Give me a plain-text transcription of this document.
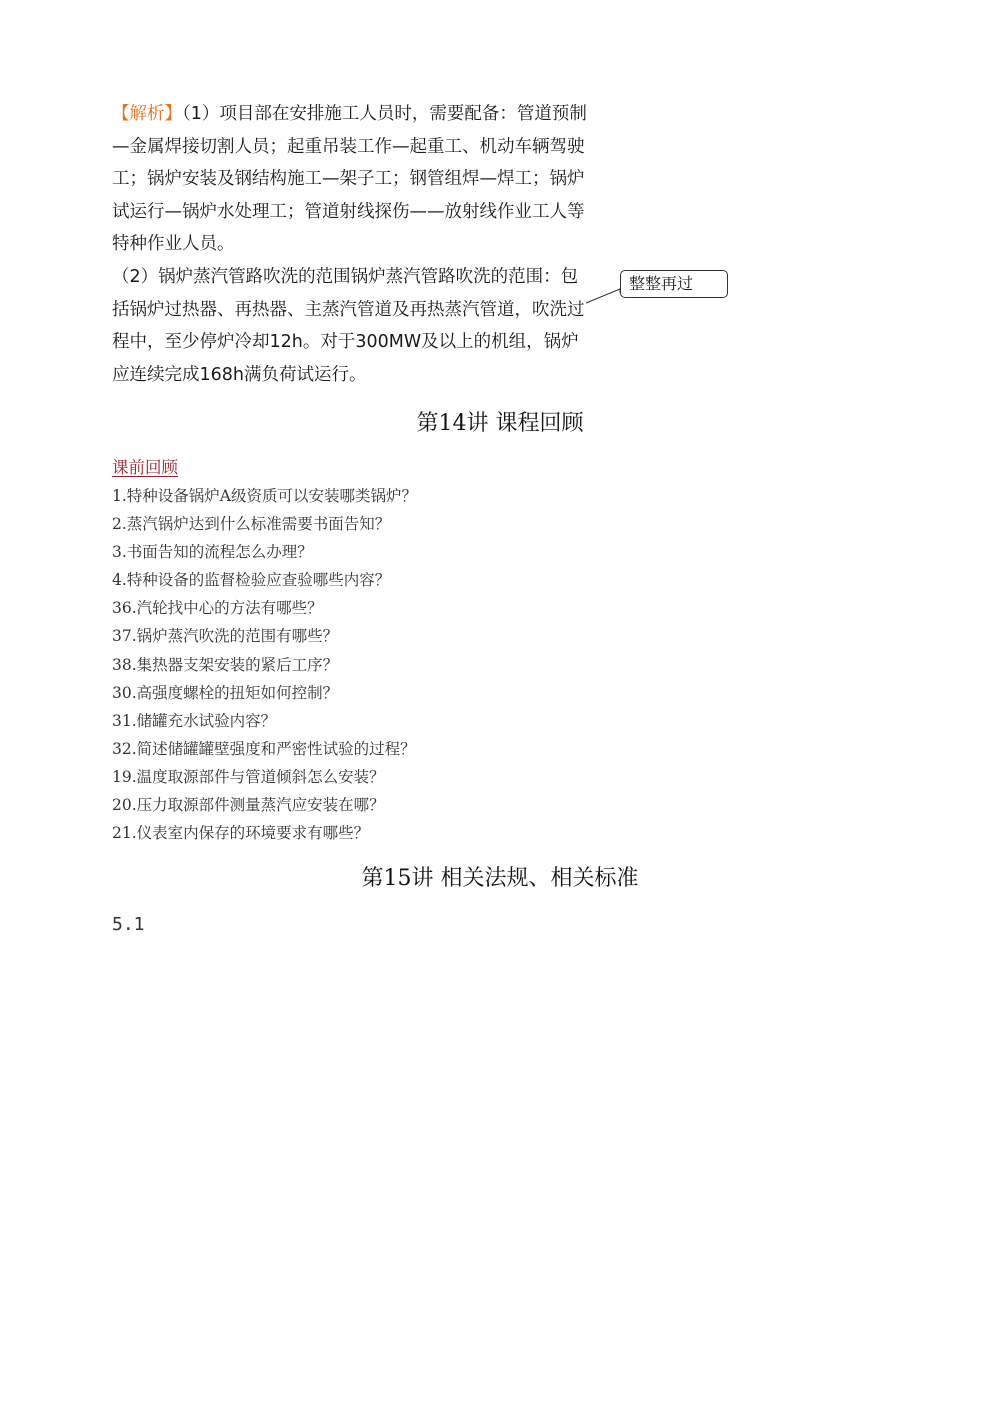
【解析】（1）项目部在安排施工人员时，需要配备：管道预制—金属焊接切割人员；起重吊装工作—起重工、机动车辆驾驶工；锅炉安装及钢结构施工—架子工；钢管组焊—焊工；锅炉试运行—锅炉水处理工；管道射线探伤——放射线作业工人等特种作业人员。

（2）锅炉蒸汽管路吹洗的范围锅炉蒸汽管路吹洗的范围：包括锅炉过热器、再热器、主蒸汽管道及再热蒸汽管道，吹洗过程中，至少停炉冷却12h。对于300MW及以上的机组，锅炉应连续完成168h满负荷试运行。

整整再过
第14讲 课程回顾
课前回顾
1.特种设备锅炉A级资质可以安装哪类锅炉？
2.蒸汽锅炉达到什么标准需要书面告知？
3.书面告知的流程怎么办理？
4.特种设备的监督检验应查验哪些内容？
36.汽轮找中心的方法有哪些？
37.锅炉蒸汽吹洗的范围有哪些？
38.集热器支架安装的紧后工序？
30.高强度螺栓的扭矩如何控制？
31.储罐充水试验内容？
32.简述储罐罐壁强度和严密性试验的过程？
19.温度取源部件与管道倾斜怎么安装？
20.压力取源部件测量蒸汽应安装在哪？
21.仪表室内保存的环境要求有哪些？
第15讲 相关法规、相关标准
5.1
